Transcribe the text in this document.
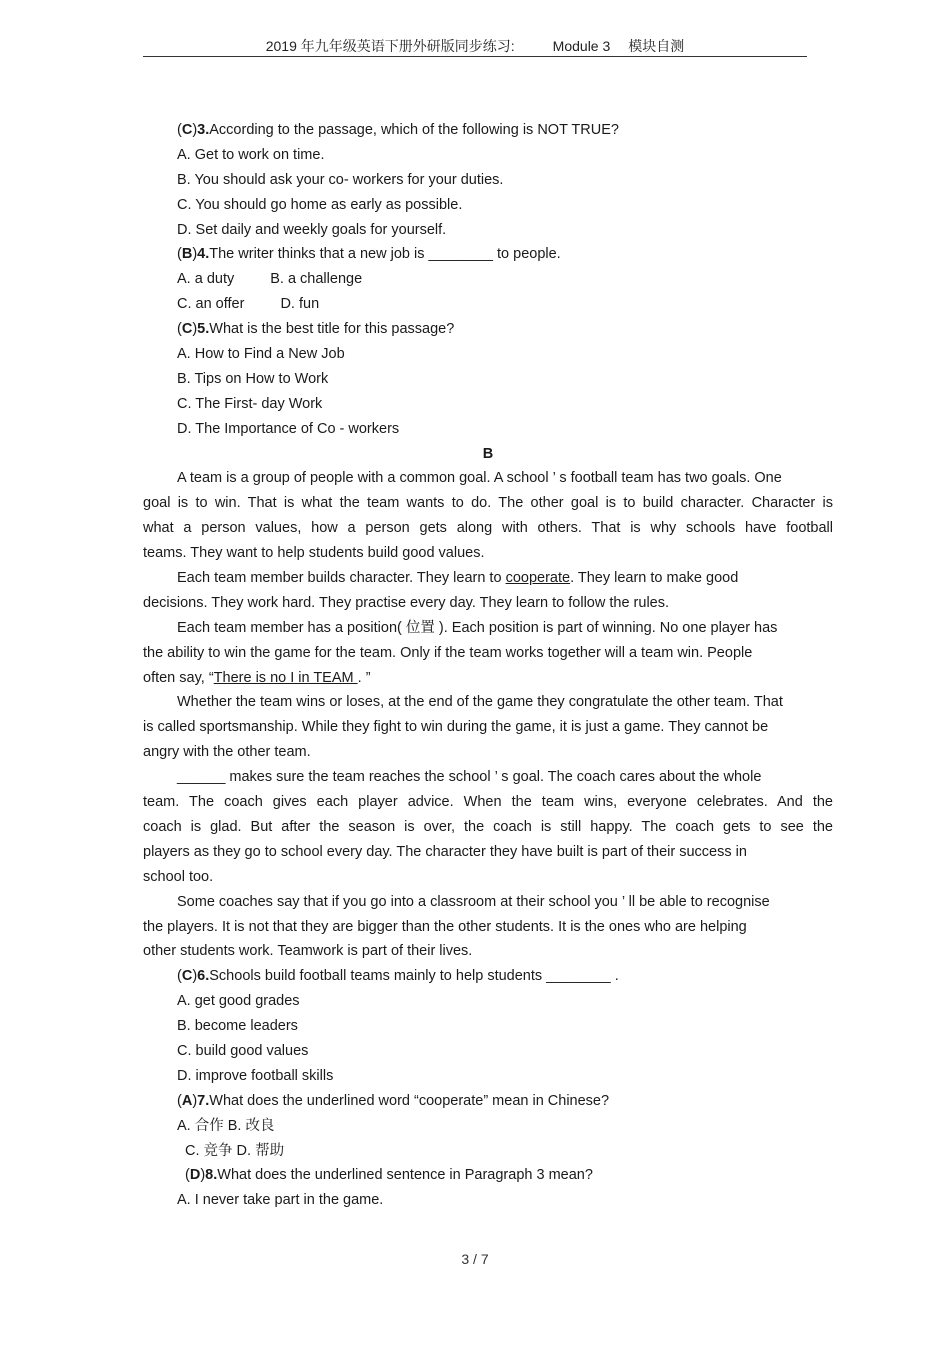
2019 年九年级英语下册外研版同步练习:	Module 3 模块自测
(C)3.According to the passage, which of the following is NOT TRUE?
A. Get to work on time.
B. You should ask your co- workers for your duties.
C. You should go home as early as possible.
D. Set daily and weekly goals for yourself.
(B)4.The writer thinks that a new job is ________ to people.
A. a duty B. a challenge
C. an offer D. fun
(C)5.What is the best title for this passage?
A. How to Find a New Job
B. Tips on How to Work
C. The First- day Work
D. The Importance of Co - workers
B
A team is a group of people with a common goal. A school ’ s football team has two goals. One
goal is to win. That is what the team wants to do. The other goal is to build character. Character is
what a person values, how a person gets along with others. That is why schools have football
teams. They want to help students build good values.
Each team member builds character. They learn to cooperate. They learn to make good
decisions. They work hard. They practise every day. They learn to follow the rules.
Each team member has a position( 位置 ). Each position is part of winning. No one player has
the ability to win the game for the team. Only if the team works together will a team win. People
often say, “There is no I in TEAM . ”
Whether the team wins or loses, at the end of the game they congratulate the other team. That
is called sportsmanship. While they fight to win during the game, it is just a game. They cannot be
angry with the other team.
______ makes sure the team reaches the school ’ s goal. The coach cares about the whole
team. The coach gives each player advice. When the team wins, everyone celebrates. And the
coach is glad. But after the season is over, the coach is still happy. The coach gets to see the
players as they go to school every day. The character they have built is part of their success in
school too.
Some coaches say that if you go into a classroom at their school you ’ ll be able to recognise
the players. It is not that they are bigger than the other students. It is the ones who are helping
other students work. Teamwork is part of their lives.
(C)6.Schools build football teams mainly to help students ________ .
A. get good grades
B. become leaders
C. build good values
D. improve football skills
(A)7.What does the underlined word “cooperate” mean in Chinese?
A. 合作 B. 改良
C. 竞争 D. 帮助
(D)8.What does the underlined sentence in Paragraph 3 mean?
A. I never take part in the game.
3 / 7
